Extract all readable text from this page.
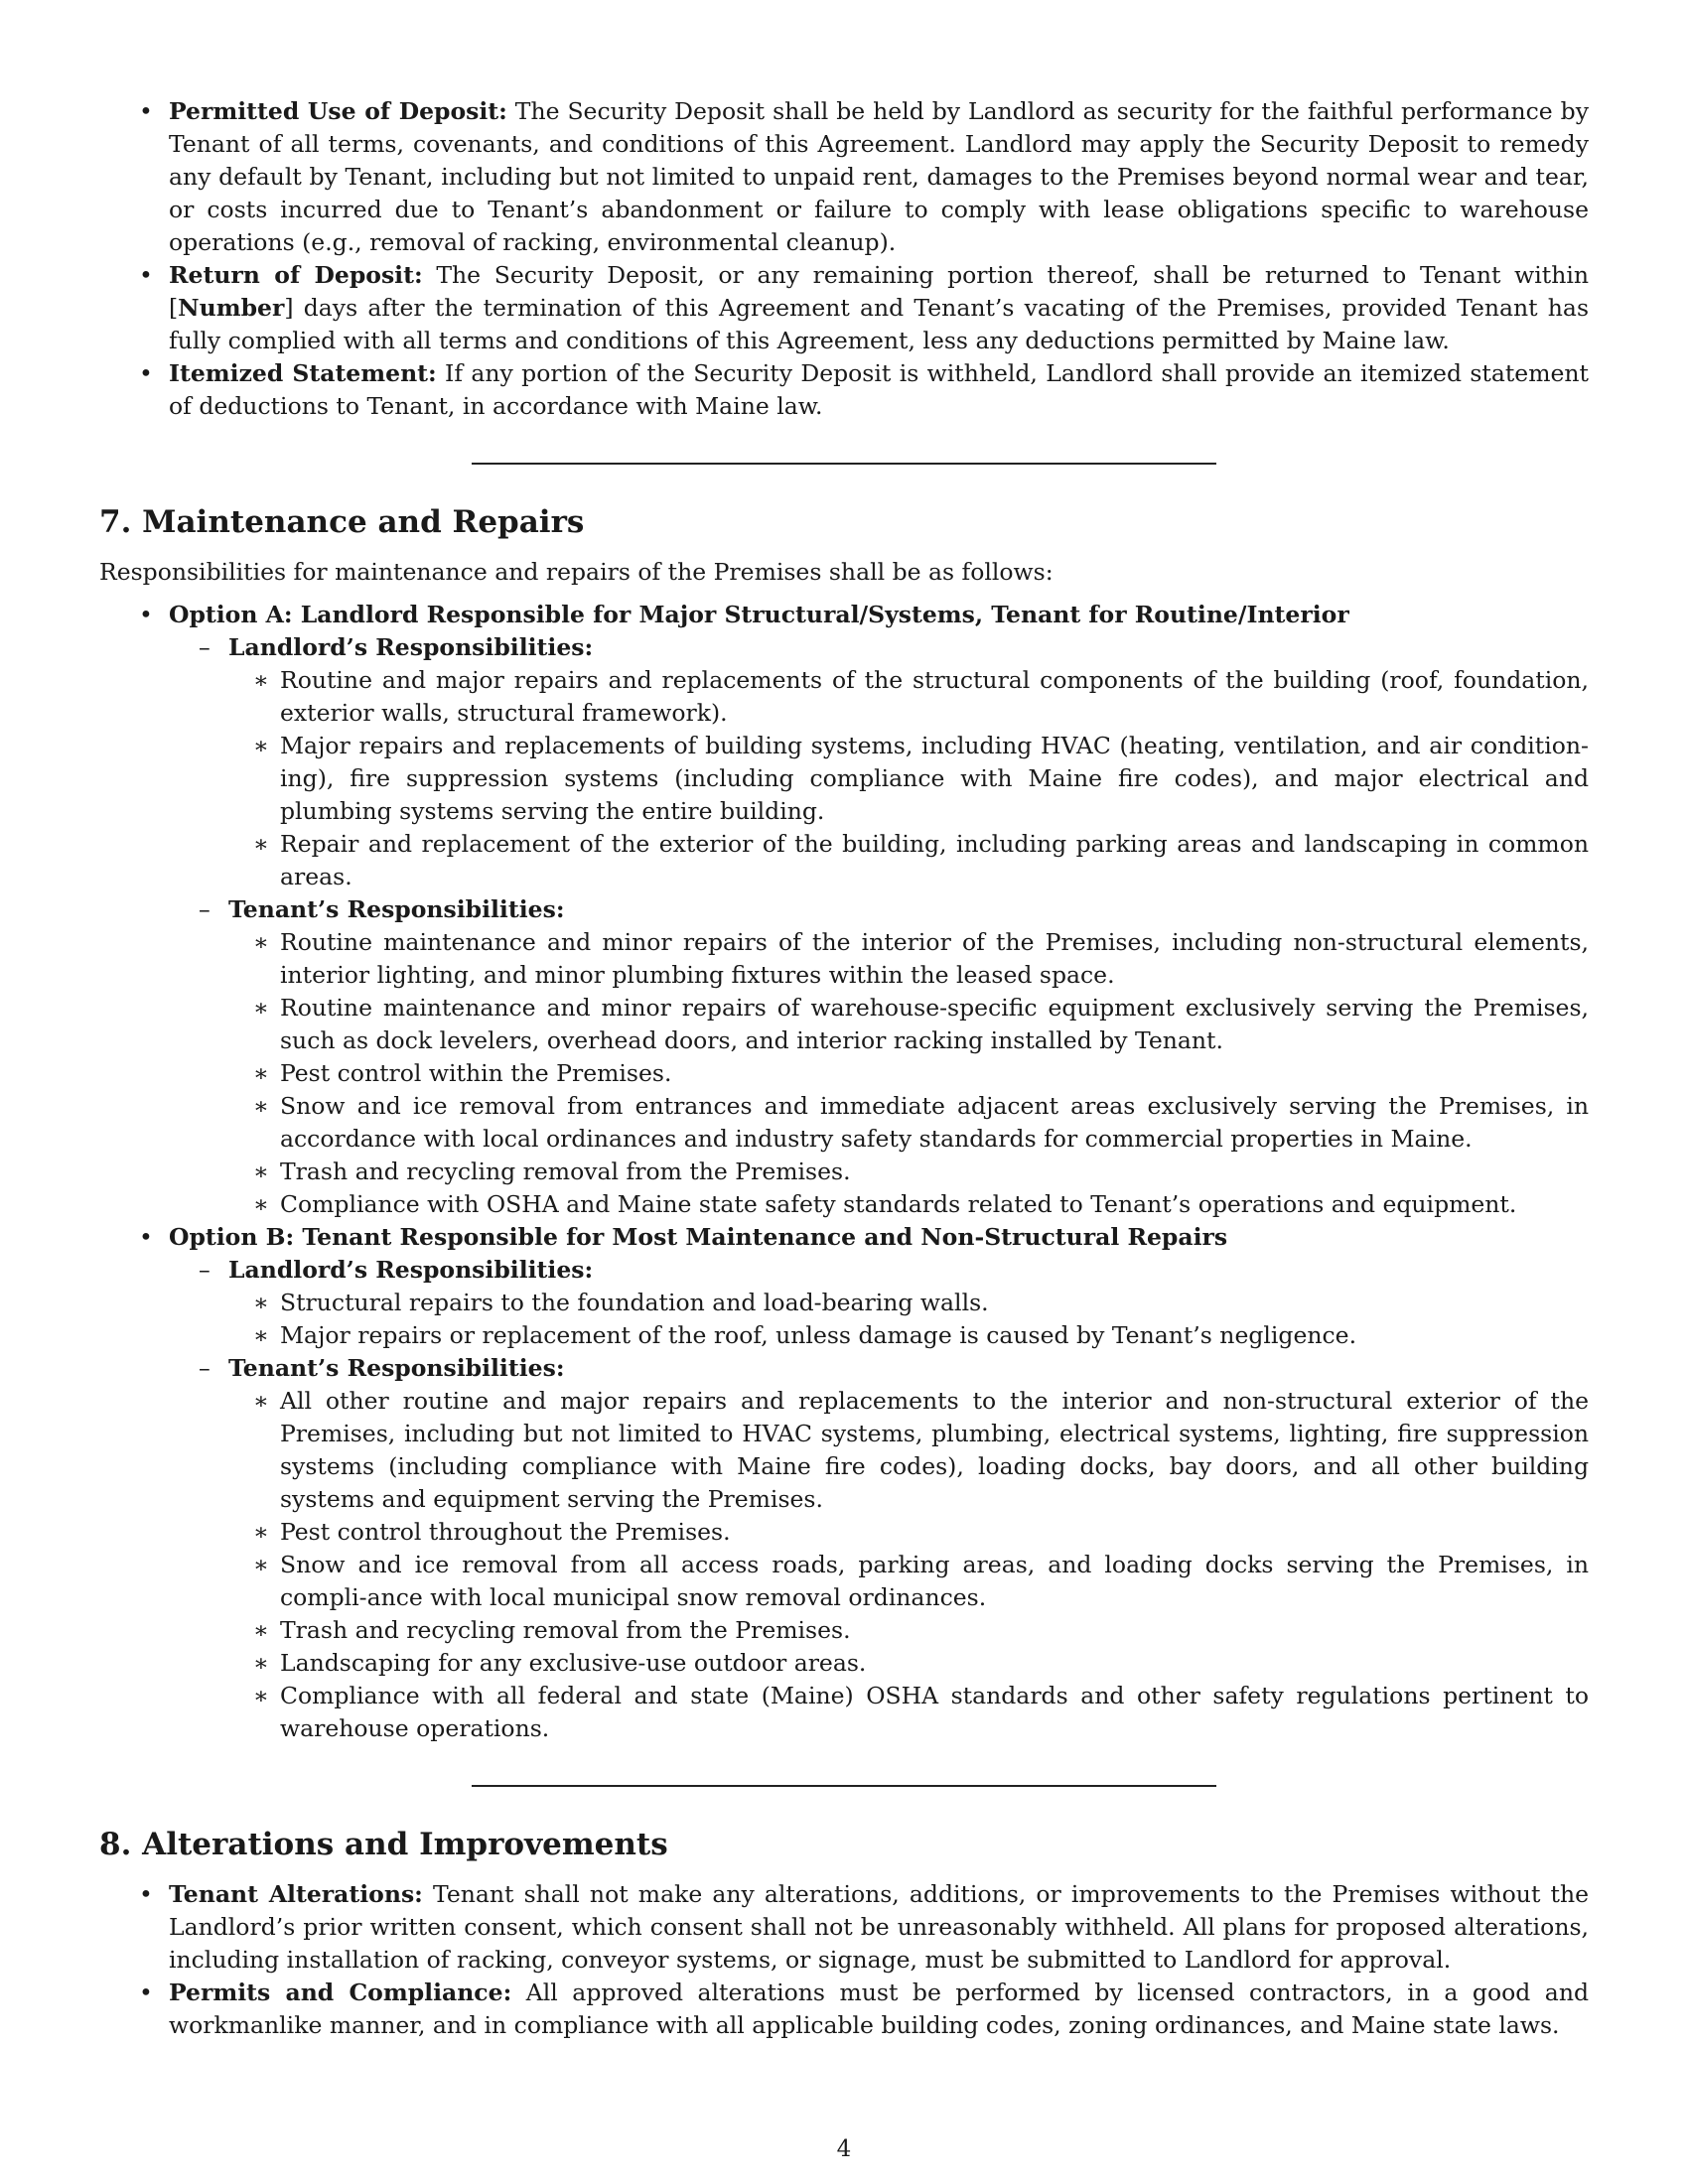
• Permitted Use of Deposit: The Security Deposit shall be held by Landlord as security for the faithful performance by Tenant of all terms, covenants, and conditions of this Agreement. Landlord may apply the Security Deposit to remedy any default by Tenant, including but not limited to unpaid rent, damages to the Premises beyond normal wear and tear, or costs incurred due to Tenant’s abandonment or failure to comply with lease obligations specific to warehouse operations (e.g., removal of racking, environmental cleanup).
• Return of Deposit: The Security Deposit, or any remaining portion thereof, shall be returned to Tenant within [Number] days after the termination of this Agreement and Tenant’s vacating of the Premises, provided Tenant has fully complied with all terms and conditions of this Agreement, less any deductions permitted by Maine law.
• Itemized Statement: If any portion of the Security Deposit is withheld, Landlord shall provide an itemized statement of deductions to Tenant, in accordance with Maine law.
7. Maintenance and Repairs

Responsibilities for maintenance and repairs of the Premises shall be as follows:

• Option A: Landlord Responsible for Major Structural/Systems, Tenant for Routine/Interior
– Landlord’s Responsibilities:
∗ Routine and major repairs and replacements of the structural components of the building (roof, foundation, exterior walls, structural framework).
∗ Major repairs and replacements of building systems, including HVAC (heating, ventilation, and air condition-ing), fire suppression systems (including compliance with Maine fire codes), and major electrical and plumbing systems serving the entire building.
∗ Repair and replacement of the exterior of the building, including parking areas and landscaping in common areas.
– Tenant’s Responsibilities:
∗ Routine maintenance and minor repairs of the interior of the Premises, including non-structural elements, interior lighting, and minor plumbing fixtures within the leased space.
∗ Routine maintenance and minor repairs of warehouse-specific equipment exclusively serving the Premises, such as dock levelers, overhead doors, and interior racking installed by Tenant.
∗ Pest control within the Premises.
∗ Snow and ice removal from entrances and immediate adjacent areas exclusively serving the Premises, in accordance with local ordinances and industry safety standards for commercial properties in Maine.
∗ Trash and recycling removal from the Premises.
∗ Compliance with OSHA and Maine state safety standards related to Tenant’s operations and equipment.
• Option B: Tenant Responsible for Most Maintenance and Non-Structural Repairs
– Landlord’s Responsibilities:
∗ Structural repairs to the foundation and load-bearing walls.
∗ Major repairs or replacement of the roof, unless damage is caused by Tenant’s negligence.
– Tenant’s Responsibilities:
∗ All other routine and major repairs and replacements to the interior and non-structural exterior of the Premises, including but not limited to HVAC systems, plumbing, electrical systems, lighting, fire suppression systems (including compliance with Maine fire codes), loading docks, bay doors, and all other building systems and equipment serving the Premises.
∗ Pest control throughout the Premises.
∗ Snow and ice removal from all access roads, parking areas, and loading docks serving the Premises, in compli-ance with local municipal snow removal ordinances.
∗ Trash and recycling removal from the Premises.
∗ Landscaping for any exclusive-use outdoor areas.
∗ Compliance with all federal and state (Maine) OSHA standards and other safety regulations pertinent to warehouse operations.
8. Alterations and Improvements
• Tenant Alterations: Tenant shall not make any alterations, additions, or improvements to the Premises without the Landlord’s prior written consent, which consent shall not be unreasonably withheld. All plans for proposed alterations, including installation of racking, conveyor systems, or signage, must be submitted to Landlord for approval.
• Permits and Compliance: All approved alterations must be performed by licensed contractors, in a good and workmanlike manner, and in compliance with all applicable building codes, zoning ordinances, and Maine state laws.
4
